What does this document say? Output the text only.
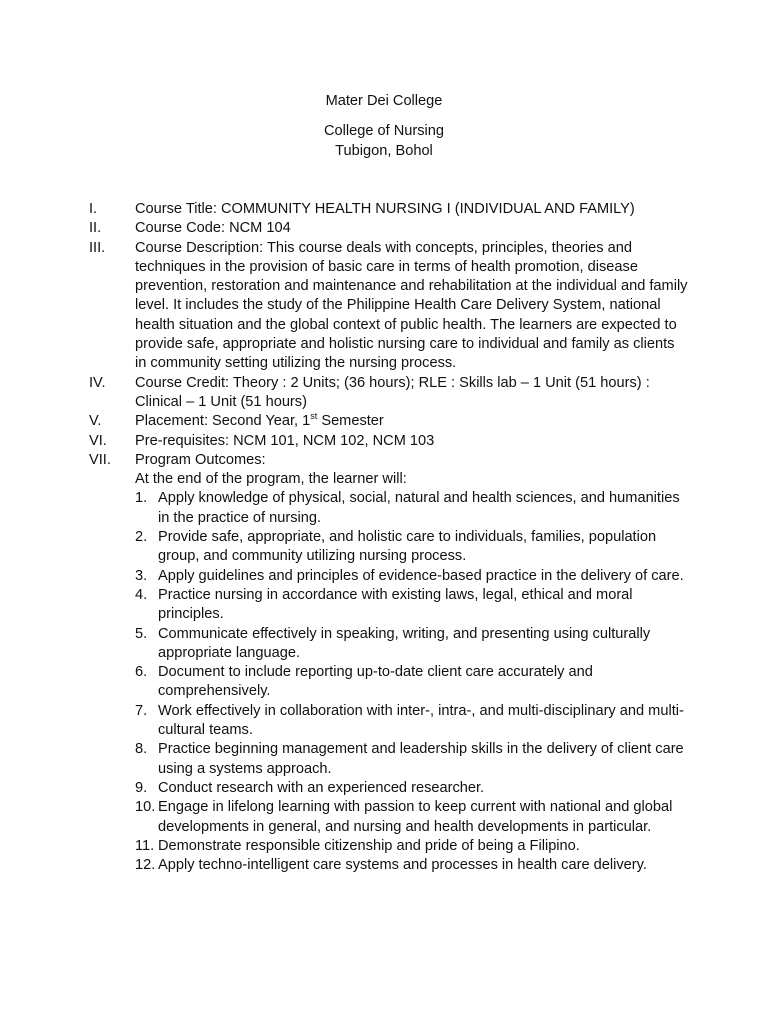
Mater Dei College
College of Nursing
Tubigon, Bohol
I.	Course Title: COMMUNITY HEALTH NURSING I (INDIVIDUAL AND FAMILY)
II.	Course Code: NCM 104
III.	Course Description: This course deals with concepts, principles, theories and techniques in the provision of basic care in terms of health promotion, disease prevention, restoration and maintenance and rehabilitation at the individual and family level. It includes the study of the Philippine Health Care Delivery System, national health situation and the global context of public health. The learners are expected to provide safe, appropriate and holistic nursing care to individual and family as clients in community setting utilizing the nursing process.
IV.	Course Credit: Theory : 2 Units; (36 hours); RLE : Skills lab – 1 Unit (51 hours) : Clinical – 1 Unit (51 hours)
V.	Placement: Second Year, 1st Semester
VI.	Pre-requisites: NCM 101, NCM 102, NCM 103
VII.	Program Outcomes:
At the end of the program, the learner will:
1. Apply knowledge of physical, social, natural and health sciences, and humanities in the practice of nursing.
2. Provide safe, appropriate, and holistic care to individuals, families, population group, and community utilizing nursing process.
3. Apply guidelines and principles of evidence-based practice in the delivery of care.
4. Practice nursing in accordance with existing laws, legal, ethical and moral principles.
5. Communicate effectively in speaking, writing, and presenting using culturally appropriate language.
6. Document to include reporting up-to-date client care accurately and comprehensively.
7. Work effectively in collaboration with inter-, intra-, and multi-disciplinary and multi-cultural teams.
8. Practice beginning management and leadership skills in the delivery of client care using a systems approach.
9. Conduct research with an experienced researcher.
10. Engage in lifelong learning with passion to keep current with national and global developments in general, and nursing and health developments in particular.
11. Demonstrate responsible citizenship and pride of being a Filipino.
12. Apply techno-intelligent care systems and processes in health care delivery.
